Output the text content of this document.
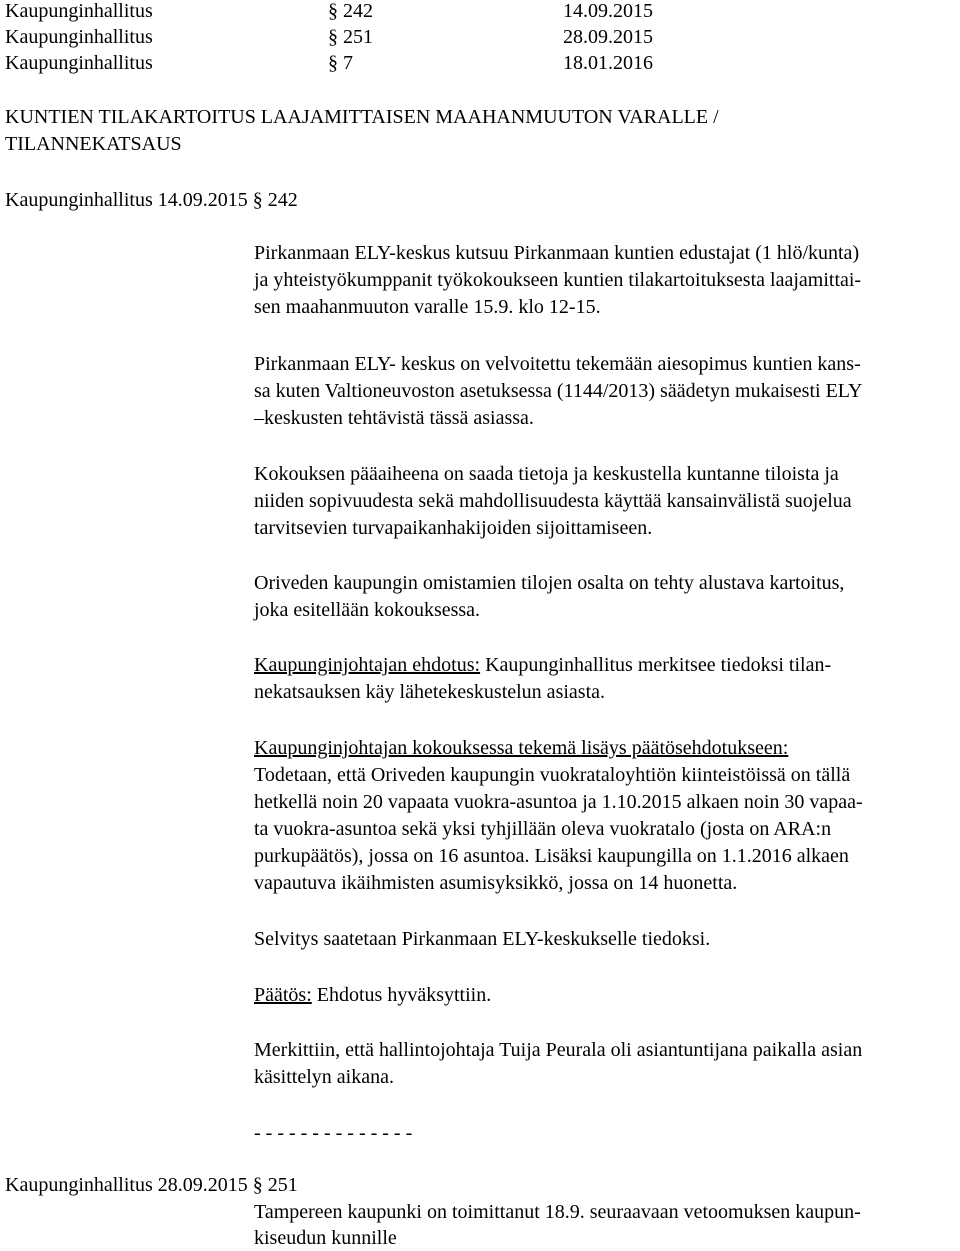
Kaupunginhallitus	§ 242	14.09.2015
Kaupunginhallitus	§ 251	28.09.2015
Kaupunginhallitus	§ 7	18.01.2016
KUNTIEN TILAKARTOITUS LAAJAMITTAISEN MAAHANMUUTON VARALLE /
TILANNEKATSAUS
Kaupunginhallitus 14.09.2015 § 242
Pirkanmaan ELY-keskus kutsuu Pirkanmaan kuntien edustajat (1 hlö/kunta)
ja yhteistyökumppanit työkokoukseen kuntien tilakartoituksesta laajamittai-
sen maahanmuuton varalle 15.9. klo 12-15.
Pirkanmaan ELY- keskus on velvoitettu tekemään aiesopimus kuntien kans-
sa kuten Valtioneuvoston asetuksessa (1144/2013) säädetyn mukaisesti ELY
–keskusten tehtävistä tässä asiassa.
Kokouksen pääaiheena on saada tietoja ja keskustella kuntanne tiloista ja
niiden sopivuudesta sekä mahdollisuudesta käyttää kansainvälistä suojelua
tarvitsevien turvapaikanhakijoiden sijoittamiseen.
Oriveden kaupungin omistamien tilojen osalta on tehty alustava kartoitus,
joka esitellään kokouksessa.
Kaupunginjohtajan ehdotus: Kaupunginhallitus merkitsee tiedoksi tilan-
nekatsauksen käy lähetekeskustelun asiasta.
Kaupunginjohtajan kokouksessa tekemä lisäys päätösehdotukseen:
Todetaan, että Oriveden kaupungin vuokrataloyhtiön kiinteistöissä on tällä
hetkellä noin 20 vapaata vuokra-asuntoa ja 1.10.2015 alkaen noin 30 vapaa-
ta vuokra-asuntoa sekä yksi tyhjillään oleva vuokratalo (josta on ARA:n
purkupäätös), jossa on 16 asuntoa. Lisäksi kaupungilla on 1.1.2016 alkaen
vapautuva ikäihmisten asumisyksikkö, jossa on 14 huonetta.
Selvitys saatetaan Pirkanmaan ELY-keskukselle tiedoksi.
Päätös: Ehdotus hyväksyttiin.
Merkittiin, että hallintojohtaja Tuija Peurala oli asiantuntijana paikalla asian
käsittelyn aikana.
- - - - - - - - - - - - - -
Kaupunginhallitus 28.09.2015 § 251
Tampereen kaupunki on toimittanut 18.9. seuraavaan vetoomuksen kaupun-
kiseudun kunnille
